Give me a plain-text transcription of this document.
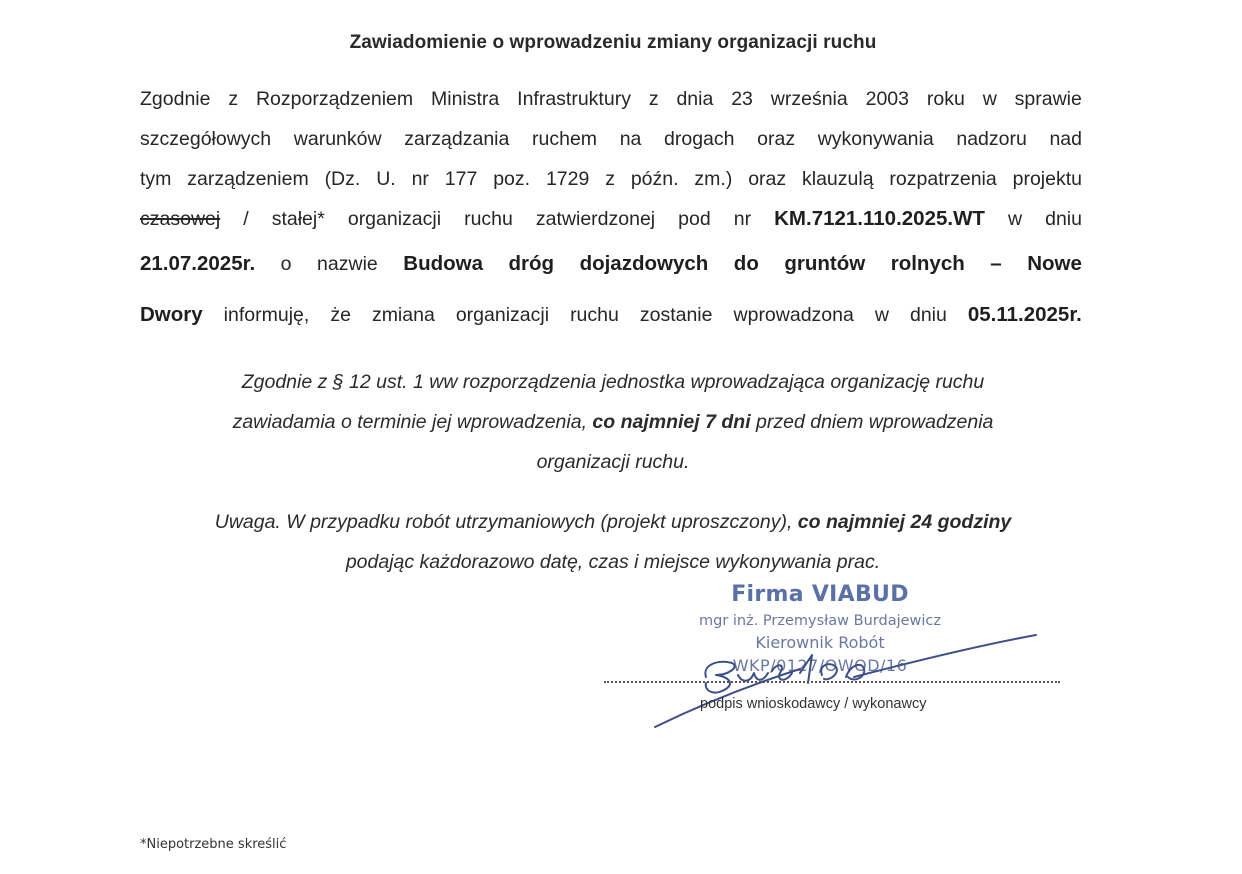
Zawiadomienie o wprowadzeniu zmiany organizacji ruchu
Zgodnie z Rozporządzeniem Ministra Infrastruktury z dnia 23 września 2003 roku w sprawie
szczegółowych warunków zarządzania ruchem na drogach oraz wykonywania nadzoru nad
tym zarządzeniem (Dz. U. nr 177 poz. 1729 z późn. zm.) oraz klauzulą rozpatrzenia projektu
czasowej / stałej* organizacji ruchu zatwierdzonej pod nr KM.7121.110.2025.WT w dniu
21.07.2025r. o nazwie Budowa dróg dojazdowych do gruntów rolnych – Nowe
Dwory informuję, że zmiana organizacji ruchu zostanie wprowadzona w dniu 05.11.2025r.
Zgodnie z § 12 ust. 1 ww rozporządzenia jednostka wprowadzająca organizację ruchu
zawiadamia o terminie jej wprowadzenia, co najmniej 7 dni przed dniem wprowadzenia
organizacji ruchu.
Uwaga. W przypadku robót utrzymaniowych (projekt uproszczony), co najmniej 24 godziny
podając każdorazowo datę, czas i miejsce wykonywania prac.
Firma VIABUD
mgr inż. Przemysław Burdajewicz
Kierownik Robót
WKP/0127/OWOD/16
podpis wnioskodawcy / wykonawcy
*Niepotrzebne skreślić
